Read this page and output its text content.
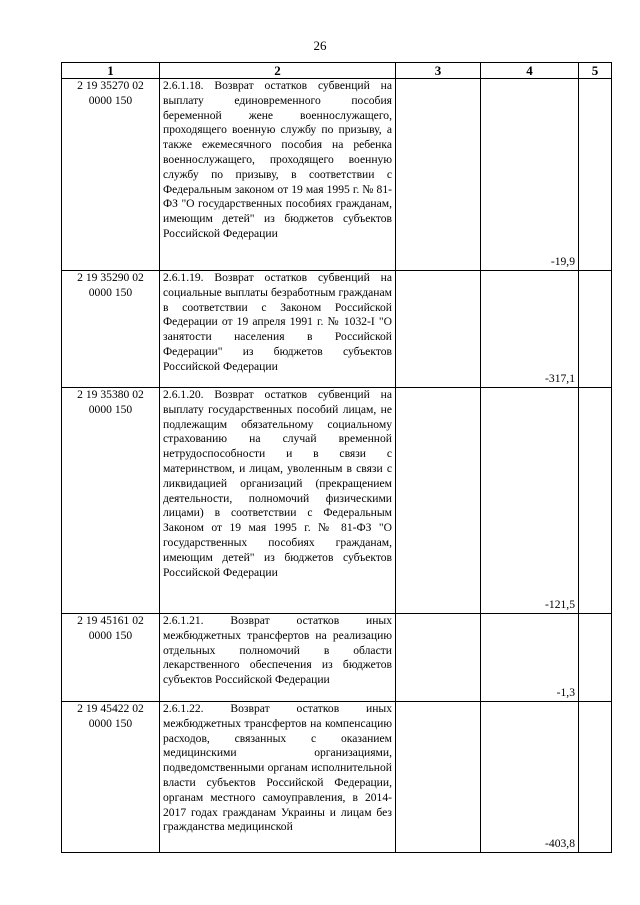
26
1	2	3	4	5
2 19 35270 02 0000 150	2.6.1.18. Возврат остатков субвенций на выплату единовременного пособия беременной жене военнослужащего, проходящего военную службу по призыву, а также ежемесячного пособия на ребенка военнослужащего, проходящего военную службу по призыву, в соответствии с Федеральным законом от 19 мая 1995 г. № 81-ФЗ "О государственных пособиях гражданам, имеющим детей" из бюджетов субъектов Российской Федерации		-19,9	
2 19 35290 02 0000 150	2.6.1.19. Возврат остатков субвенций на социальные выплаты безработным гражданам в соответствии с Законом Российской Федерации от 19 апреля 1991 г. № 1032-I "О занятости населения в Российской Федерации" из бюджетов субъектов Российской Федерации		-317,1	
2 19 35380 02 0000 150	2.6.1.20. Возврат остатков субвенций на выплату государственных пособий лицам, не подлежащим обязательному социальному страхованию на случай временной нетрудоспособности и в связи с материнством, и лицам, уволенным в связи с ликвидацией организаций (прекращением деятельности, полномочий физическими лицами) в соответствии с Федеральным Законом от 19 мая 1995 г. № 81-ФЗ "О государственных пособиях гражданам, имеющим детей" из бюджетов субъектов Российской Федерации		-121,5	
2 19 45161 02 0000 150	2.6.1.21. Возврат остатков иных межбюджетных трансфертов на реализацию отдельных полномочий в области лекарственного обеспечения из бюджетов субъектов Российской Федерации		-1,3	
2 19 45422 02 0000 150	2.6.1.22. Возврат остатков иных межбюджетных трансфертов на компенсацию расходов, связанных с оказанием медицинскими организациями, подведомственными органам исполнительной власти субъектов Российской Федерации, органам местного самоуправления, в 2014-2017 годах гражданам Украины и лицам без гражданства медицинской		-403,8	
